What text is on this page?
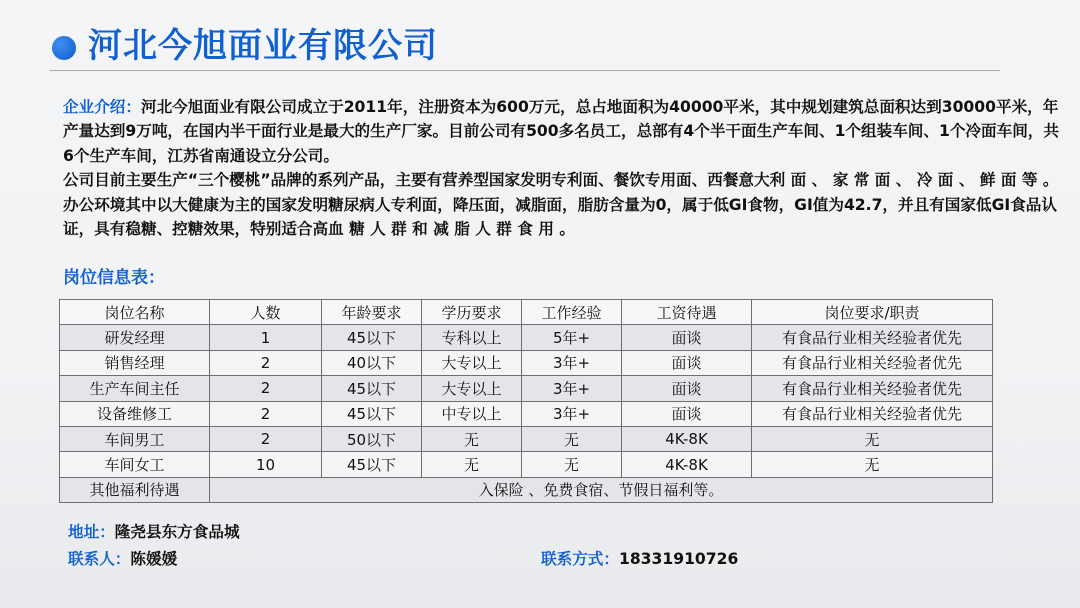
河北今旭面业有限公司
企业介绍：河北今旭面业有限公司成立于2011年，注册资本为600万元，总占地面积为40000平米，其中规划建筑总面积达到30000平米，年产量达到9万吨，在国内半干面行业是最大的生产厂家。目前公司有500多名员工，总部有4个半干面生产车间、1个组装车间、1个冷面车间，共6个生产车间，江苏省南通设立分公司。
公司目前主要生产“三个樱桃”品牌的系列产品，主要有营养型国家发明专利面、餐饮专用面、西餐意大利 面 、 家 常 面 、 冷 面 、 鲜 面 等 。 办公环境其中以大健康为主的国家发明糖尿病人专利面，降压面，减脂面，脂肪含量为0，属于低GI食物，GI值为42.7，并且有国家低GI食品认证，具有稳糖、控糖效果，特别适合高血 糖 人 群 和 减 脂 人 群 食 用 。
岗位信息表：
岗位名称	人数	年龄要求	学历要求	工作经验	工资待遇	岗位要求/职责
研发经理	1	45以下	专科以上	5年+	面谈	有食品行业相关经验者优先
销售经理	2	40以下	大专以上	3年+	面谈	有食品行业相关经验者优先
生产车间主任	2	45以下	大专以上	3年+	面谈	有食品行业相关经验者优先
设备维修工	2	45以下	中专以上	3年+	面谈	有食品行业相关经验者优先
车间男工	2	50以下	无	无	4K-8K	无
车间女工	10	45以下	无	无	4K-8K	无
其他福利待遇	入保险 、免费食宿、节假日福利等。					
地址：隆尧县东方食品城
联系人：陈媛媛	联系方式：18331910726
